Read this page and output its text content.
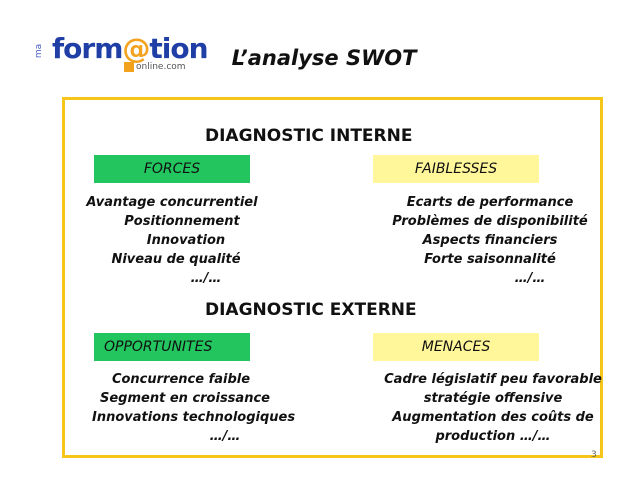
ma form@tion
online.com	L’analyse SWOT
DIAGNOSTIC INTERNE
FORCES	FAIBLESSES
Avantage concurrentiel
Positionnement
Innovation
Niveau de qualité
…/…
Ecarts de performance
Problèmes de disponibilité
Aspects financiers
Forte saisonnalité
…/…
DIAGNOSTIC EXTERNE
OPPORTUNITES	MENACES
Concurrence faible
Segment en croissance
Innovations technologiques
…/…
Cadre législatif peu favorable
stratégie offensive
Augmentation des coûts de
production …/…
3
